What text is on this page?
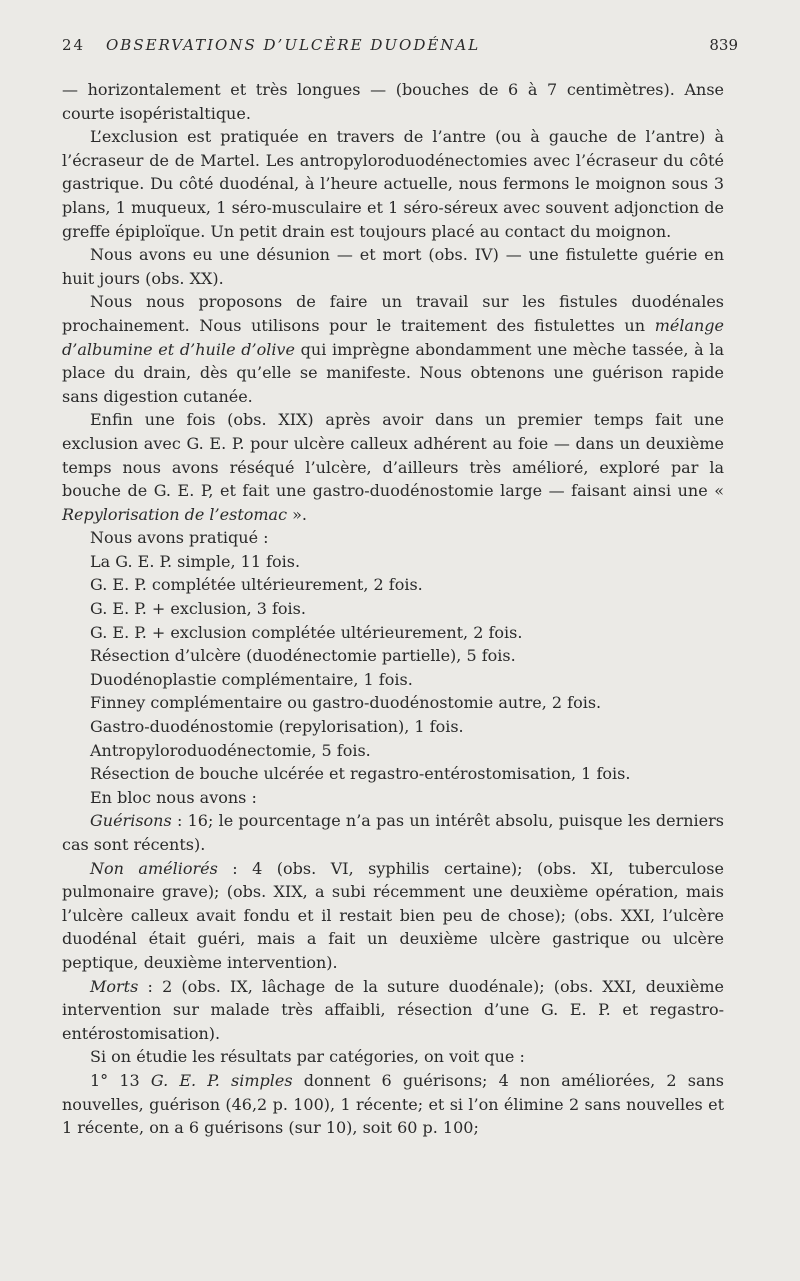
24 OBSERVATIONS D’ULCÈRE DUODÉNAL	839

— horizontalement et très longues — (bouches de 6 à 7 centimètres). Anse courte isopéristaltique.

L’exclusion est pratiquée en travers de l’antre (ou à gauche de l’antre) à l’écraseur de de Martel. Les antropyloroduodénectomies avec l’écraseur du côté gastrique. Du côté duodénal, à l’heure actuelle, nous fermons le moignon sous 3 plans, 1 muqueux, 1 séro-musculaire et 1 séro-séreux avec souvent adjonction de greffe épiploïque. Un petit drain est toujours placé au contact du moignon.

Nous avons eu une désunion — et mort (obs. IV) — une fistulette guérie en huit jours (obs. XX).

Nous nous proposons de faire un travail sur les fistules duodénales prochainement. Nous utilisons pour le traitement des fistulettes un mélange d’albumine et d’huile d’olive qui imprègne abondamment une mèche tassée, à la place du drain, dès qu’elle se manifeste. Nous obtenons une guérison rapide sans digestion cutanée.

Enfin une fois (obs. XIX) après avoir dans un premier temps fait une exclusion avec G. E. P. pour ulcère calleux adhérent au foie — dans un deuxième temps nous avons réséqué l’ulcère, d’ailleurs très amélioré, exploré par la bouche de G. E. P, et fait une gastro-duodénostomie large — faisant ainsi une « Repylorisation de l’estomac ».

Nous avons pratiqué :

La G. E. P. simple, 11 fois.
G. E. P. complétée ultérieurement, 2 fois.
G. E. P. + exclusion, 3 fois.
G. E. P. + exclusion complétée ultérieurement, 2 fois.
Résection d’ulcère (duodénectomie partielle), 5 fois.
Duodénoplastie complémentaire, 1 fois.
Finney complémentaire ou gastro-duodénostomie autre, 2 fois.
Gastro-duodénostomie (repylorisation), 1 fois.
Antropyloroduodénectomie, 5 fois.
Résection de bouche ulcérée et regastro-entérostomisation, 1 fois.

En bloc nous avons :

Guérisons : 16; le pourcentage n’a pas un intérêt absolu, puisque les derniers cas sont récents).

Non améliorés : 4 (obs. VI, syphilis certaine); (obs. XI, tuberculose pulmonaire grave); (obs. XIX, a subi récemment une deuxième opération, mais l’ulcère calleux avait fondu et il restait bien peu de chose); (obs. XXI, l’ulcère duodénal était guéri, mais a fait un deuxième ulcère gastrique ou ulcère peptique, deuxième intervention).

Morts : 2 (obs. IX, lâchage de la suture duodénale); (obs. XXI, deuxième intervention sur malade très affaibli, résection d’une G. E. P. et regastro-entérostomisation).

Si on étudie les résultats par catégories, on voit que :

1° 13 G. E. P. simples donnent 6 guérisons; 4 non améliorées, 2 sans nouvelles, guérison (46,2 p. 100), 1 récente; et si l’on élimine 2 sans nouvelles et 1 récente, on a 6 guérisons (sur 10), soit 60 p. 100;
